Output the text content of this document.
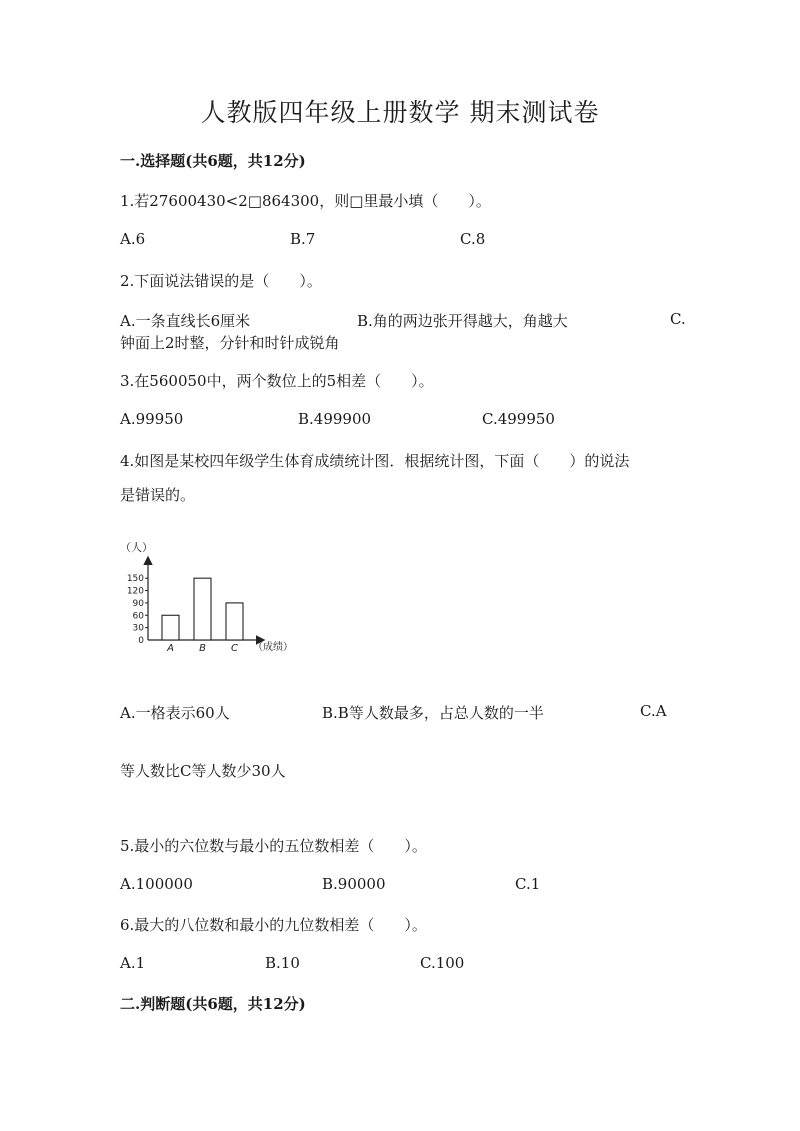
人教版四年级上册数学 期末测试卷
一.选择题(共6题，共12分)
1.若27600430<2□864300，则□里最小填（　　）。
A.6	B.7	C.8
2.下面说法错误的是（　　）。
A.一条直线长6厘米	B.角的两边张开得越大，角越大	C.
钟面上2时整，分针和时针成锐角
3.在560050中，两个数位上的5相差（　　）。
A.99950	B.499900	C.499950
4.如图是某校四年级学生体育成绩统计图．根据统计图，下面（　　）的说法
是错误的。
（人）
（成绩）
0
30
60
90
120
150
A	B	C
A.一格表示60人	B.B等人数最多，占总人数的一半	C.A
等人数比C等人数少30人
5.最小的六位数与最小的五位数相差（　　）。
A.100000	B.90000	C.1
6.最大的八位数和最小的九位数相差（　　）。
A.1	B.10	C.100
二.判断题(共6题，共12分)
